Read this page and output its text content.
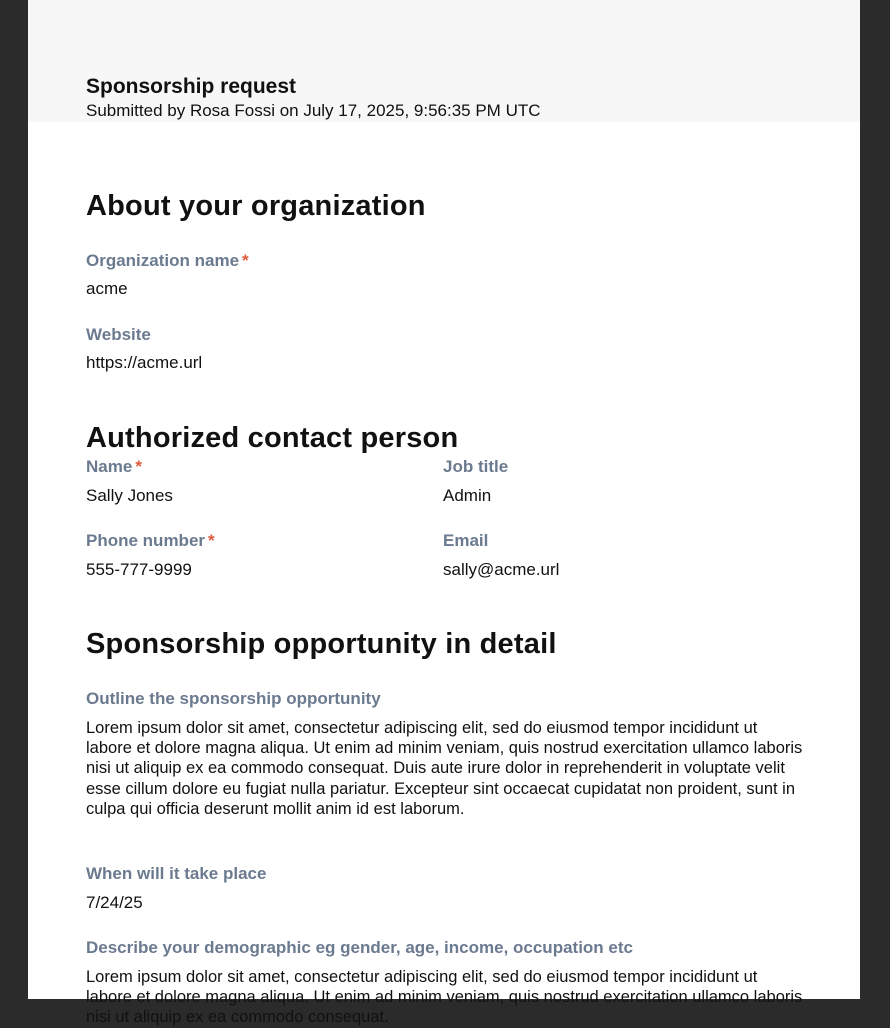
Sponsorship request
Submitted by Rosa Fossi on July 17, 2025, 9:56:35 PM UTC
About your organization
Organization name *
acme
Website
https://acme.url
Authorized contact person
Name *
Sally Jones
Job title
Admin
Phone number *
555-777-9999
Email
sally@acme.url
Sponsorship opportunity in detail
Outline the sponsorship opportunity
Lorem ipsum dolor sit amet, consectetur adipiscing elit, sed do eiusmod tempor incididunt ut labore et dolore magna aliqua. Ut enim ad minim veniam, quis nostrud exercitation ullamco laboris nisi ut aliquip ex ea commodo consequat. Duis aute irure dolor in reprehenderit in voluptate velit esse cillum dolore eu fugiat nulla pariatur. Excepteur sint occaecat cupidatat non proident, sunt in culpa qui officia deserunt mollit anim id est laborum.
When will it take place
7/24/25
Describe your demographic eg gender, age, income, occupation etc
Lorem ipsum dolor sit amet, consectetur adipiscing elit, sed do eiusmod tempor incididunt ut labore et dolore magna aliqua. Ut enim ad minim veniam, quis nostrud exercitation ullamco laboris nisi ut aliquip ex ea commodo consequat.
